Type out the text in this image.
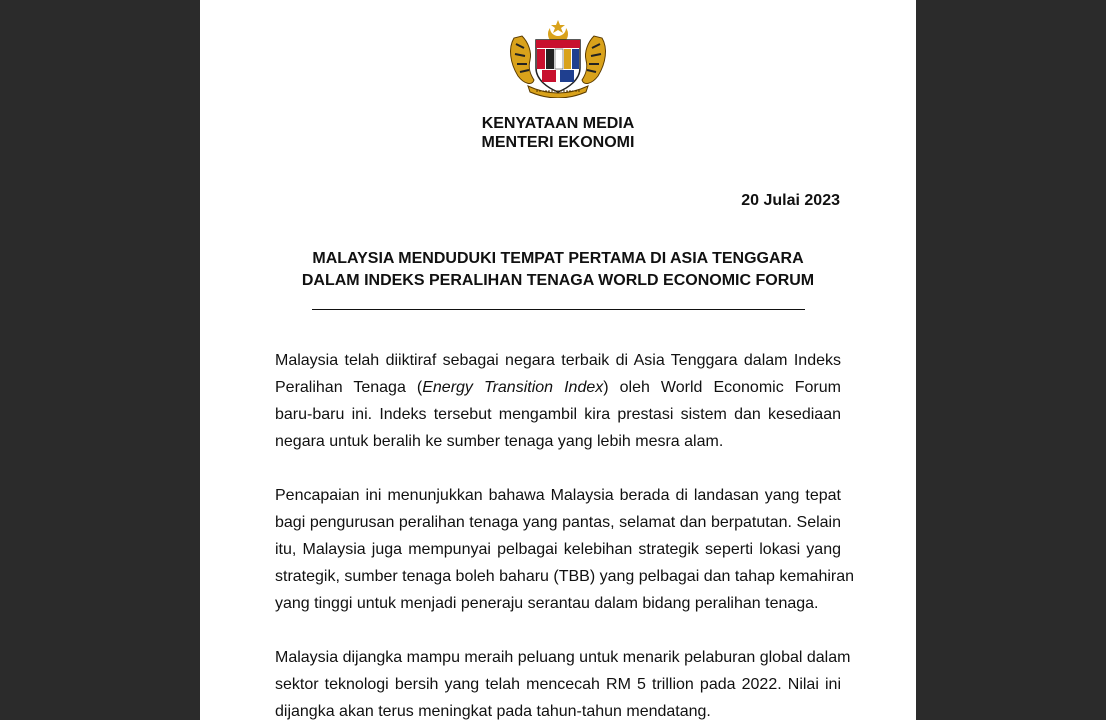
KENYATAAN MEDIA

MENTERI EKONOMI

20 Julai 2023

MALAYSIA MENDUDUKI TEMPAT PERTAMA DI ASIA TENGGARA

DALAM INDEKS PERALIHAN TENAGA WORLD ECONOMIC FORUM

Malaysia telah diiktiraf sebagai negara terbaik di Asia Tenggara dalam Indeks
Peralihan Tenaga (Energy Transition Index) oleh World Economic Forum
baru-baru ini. Indeks tersebut mengambil kira prestasi sistem dan kesediaan
negara untuk beralih ke sumber tenaga yang lebih mesra alam.
Pencapaian ini menunjukkan bahawa Malaysia berada di landasan yang tepat
bagi pengurusan peralihan tenaga yang pantas, selamat dan berpatutan. Selain
itu, Malaysia juga mempunyai pelbagai kelebihan strategik seperti lokasi yang
strategik, sumber tenaga boleh baharu (TBB) yang pelbagai dan tahap kemahiran
yang tinggi untuk menjadi peneraju serantau dalam bidang peralihan tenaga.
Malaysia dijangka mampu meraih peluang untuk menarik pelaburan global dalam
sektor teknologi bersih yang telah mencecah RM 5 trillion pada 2022. Nilai ini
dijangka akan terus meningkat pada tahun-tahun mendatang.
